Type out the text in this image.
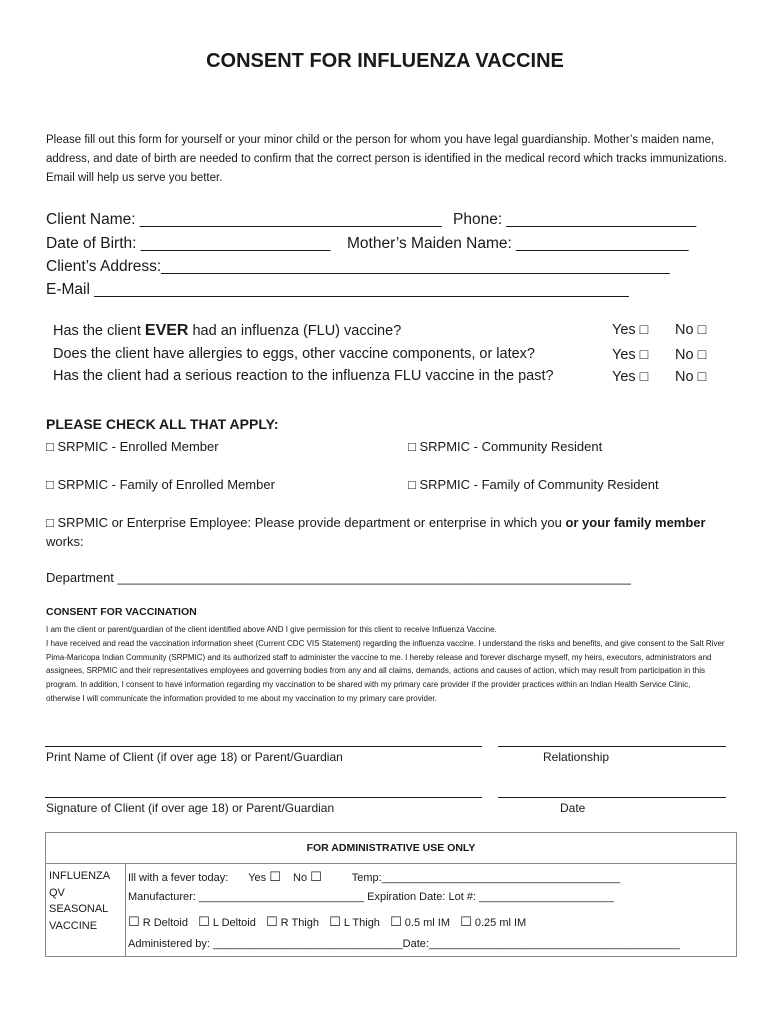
CONSENT FOR INFLUENZA VACCINE
Please fill out this form for yourself or your minor child or the person for whom you have legal guardianship. Mother’s maiden name, address, and date of birth are needed to confirm that the correct person is identified in the medical record which tracks immunizations. Email will help us serve you better.
Client Name: ___________________________________ Phone: ______________________
Date of Birth: ______________________ Mother’s Maiden Name: ____________________
Client’s Address:___________________________________________________________
E-Mail ______________________________________________________________
Has the client EVER had an influenza (FLU) vaccine?	Yes □ No □
Does the client have allergies to eggs, other vaccine components, or latex?	Yes □ No □
Has the client had a serious reaction to the influenza FLU vaccine in the past?	Yes □ No □
PLEASE CHECK ALL THAT APPLY:
□ SRPMIC - Enrolled Member	□ SRPMIC - Community Resident
□ SRPMIC - Family of Enrolled Member	□ SRPMIC - Family of Community Resident
□ SRPMIC or Enterprise Employee: Please provide department or enterprise in which you or your family member works:
Department _______________________________________________________________________
CONSENT FOR VACCINATION
I am the client or parent/guardian of the client identified above AND I give permission for this client to receive Influenza Vaccine.
I have received and read the vaccination information sheet (Current CDC VIS Statement) regarding the influenza vaccine. I understand the risks and benefits, and give consent to the Salt River Pima-Maricopa Indian Community (SRPMIC) and its authorized staff to administer the vaccine to me. I hereby release and forever discharge myself, my heirs, executors, administrators and assignees, SRPMIC and their representatives employees and governing bodies from any and all claims, demands, actions and causes of action, which may result from participation in this program. In addition, I consent to have information regarding my vaccination to be shared with my primary care provider if the provider practices within an Indian Health Service Clinic, otherwise I will communicate the information provided to me about my vaccination to my primary care provider.
Print Name of Client (if over age 18) or Parent/Guardian	Relationship
Signature of Client (if over age 18) or Parent/Guardian	Date
FOR ADMINISTRATIVE USE ONLY

INFLUENZA
QV
SEASONAL
VACCINE

Ill with a fever today: Yes ☐ No ☐	Temp:_______________________________________
Manufacturer: ___________________________ Expiration Date: Lot #: ______________________
☐ R Deltoid ☐ L Deltoid ☐ R Thigh ☐ L Thigh ☐ 0.5 ml IM ☐ 0.25 ml IM
Administered by: _______________________________Date:_________________________________________
